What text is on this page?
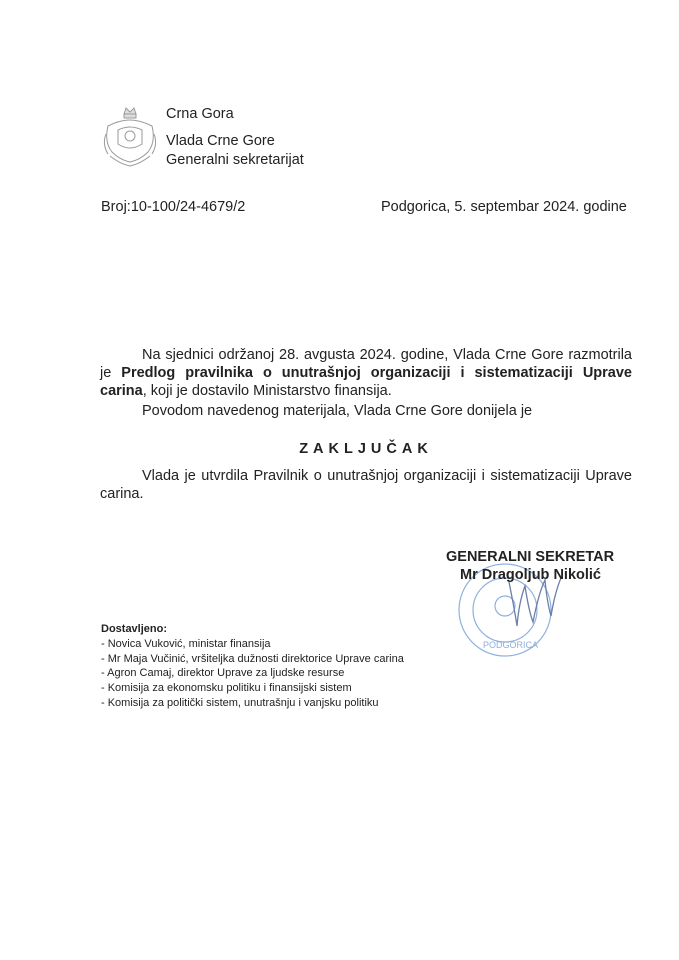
Crna Gora
Vlada Crne Gore
Generalni sekretarijat
Broj:10-100/24-4679/2	Podgorica, 5. septembar 2024. godine
Na sjednici održanoj 28. avgusta 2024. godine, Vlada Crne Gore razmotrila je Predlog pravilnika o unutrašnjoj organizaciji i sistematizaciji Uprave carina, koji je dostavilo Ministarstvo finansija.
Povodom navedenog materijala, Vlada Crne Gore donijela je
ZAKLJUČAK
Vlada je utvrdila Pravilnik o unutrašnjoj organizaciji i sistematizaciji Uprave carina.
PODGORICA
GENERALNI SEKRETAR
Mr Dragoljub Nikolić
Dostavljeno:
- Novica Vuković, ministar finansija
- Mr Maja Vučinić, vršiteljka dužnosti direktorice Uprave carina
- Agron Camaj, direktor Uprave za ljudske resurse
- Komisija za ekonomsku politiku i finansijski sistem
- Komisija za politički sistem, unutrašnju i vanjsku politiku
